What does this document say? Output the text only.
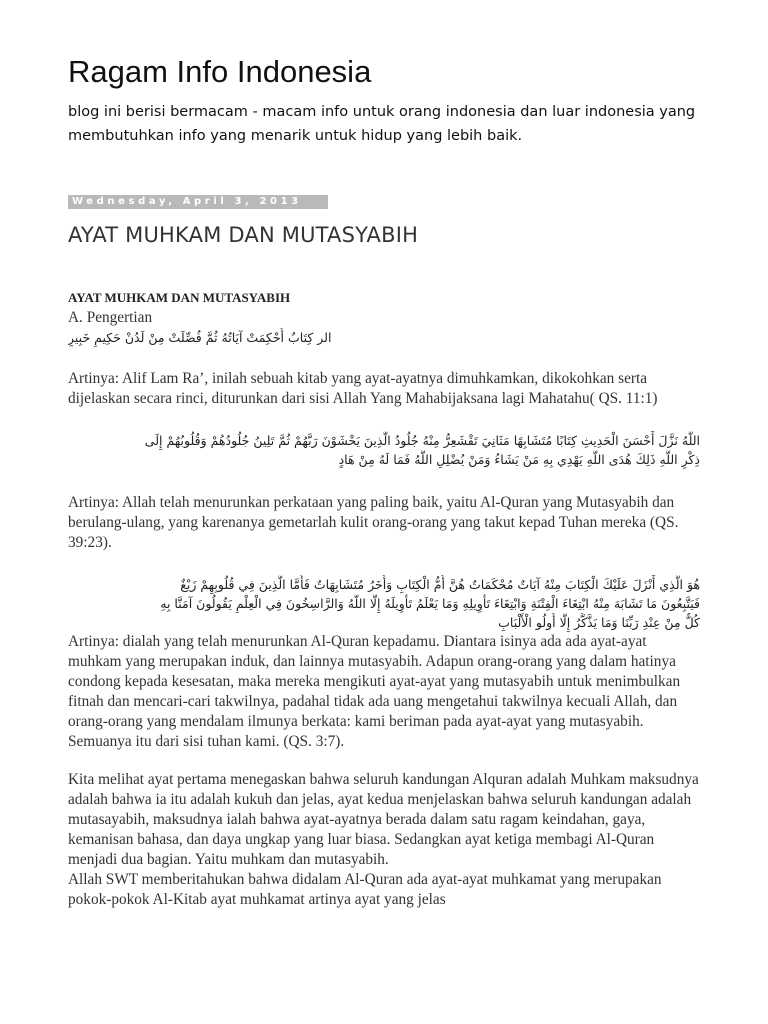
Ragam Info Indonesia

blog ini berisi bermacam - macam info untuk orang indonesia dan luar indonesia yang membutuhkan info yang menarik untuk hidup yang lebih baik.

Wednesday, April 3, 2013
AYAT MUHKAM DAN MUTASYABIH

AYAT MUHKAM DAN MUTASYABIH

A. Pengertian

الر كِتَابٌ أُحْكِمَتْ آيَاتُهُ ثُمَّ فُصِّلَتْ مِنْ لَدُنْ حَكِيمٍ خَبِيرٍ

Artinya: Alif Lam Ra’, inilah sebuah kitab yang ayat-ayatnya dimuhkamkan, dikokohkan serta dijelaskan secara rinci, diturunkan dari sisi Allah Yang Mahabijaksana lagi Mahatahu( QS. 11:1)

اللَّهُ نَزَّلَ أَحْسَنَ الْحَدِيثِ كِتَابًا مُتَشَابِهًا مَثَانِيَ تَقْشَعِرُّ مِنْهُ جُلُودُ الَّذِينَ يَخْشَوْنَ رَبَّهُمْ ثُمَّ تَلِينُ جُلُودُهُمْ وَقُلُوبُهُمْ إِلَى

ذِكْرِ اللَّهِ ذَلِكَ هُدَى اللَّهِ يَهْدِي بِهِ مَنْ يَشَاءُ وَمَنْ يُضْلِلِ اللَّهُ فَمَا لَهُ مِنْ هَادٍ

Artinya: Allah telah menurunkan perkataan yang paling baik, yaitu Al-Quran yang Mutasyabih dan berulang-ulang, yang karenanya gemetarlah kulit orang-orang yang takut kepad Tuhan mereka (QS. 39:23).

هُوَ الَّذِي أَنْزَلَ عَلَيْكَ الْكِتَابَ مِنْهُ آيَاتٌ مُحْكَمَاتٌ هُنَّ أُمُّ الْكِتَابِ وَأُخَرُ مُتَشَابِهَاتٌ فَأَمَّا الَّذِينَ فِي قُلُوبِهِمْ زَيْغٌ

فَيَتَّبِعُونَ مَا تَشَابَهَ مِنْهُ ابْتِغَاءَ الْفِتْنَةِ وَابْتِغَاءَ تَأْوِيلِهِ وَمَا يَعْلَمُ تَأْوِيلَهُ إِلَّا اللَّهُ وَالرَّاسِخُونَ فِي الْعِلْمِ يَقُولُونَ آمَنَّا بِهِ

كُلٌّ مِنْ عِنْدِ رَبِّنَا وَمَا يَذَّكَّرُ إِلَّا أُولُو الْأَلْبَابِ

Artinya: dialah yang telah menurunkan Al-Quran kepadamu. Diantara isinya ada ada ayat-ayat muhkam yang merupakan induk, dan lainnya mutasyabih. Adapun orang-orang yang dalam hatinya condong kepada kesesatan, maka mereka mengikuti ayat-ayat yang mutasyabih untuk menimbulkan fitnah dan mencari-cari takwilnya, padahal tidak ada uang mengetahui takwilnya kecuali Allah, dan orang-orang yang mendalam ilmunya berkata: kami beriman pada ayat-ayat yang mutasyabih. Semuanya itu dari sisi tuhan kami. (QS. 3:7).

Kita melihat ayat pertama menegaskan bahwa seluruh kandungan Alquran adalah Muhkam maksudnya adalah bahwa ia itu adalah kukuh dan jelas, ayat kedua menjelaskan bahwa seluruh kandungan adalah mutasayabih, maksudnya ialah bahwa ayat-ayatnya berada dalam satu ragam keindahan, gaya, kemanisan bahasa, dan daya ungkap yang luar biasa. Sedangkan ayat ketiga membagi Al-Quran menjadi dua bagian. Yaitu muhkam dan mutasyabih.

Allah SWT memberitahukan bahwa didalam Al-Quran ada ayat-ayat muhkamat yang merupakan pokok-pokok Al-Kitab ayat muhkamat artinya ayat yang jelas
